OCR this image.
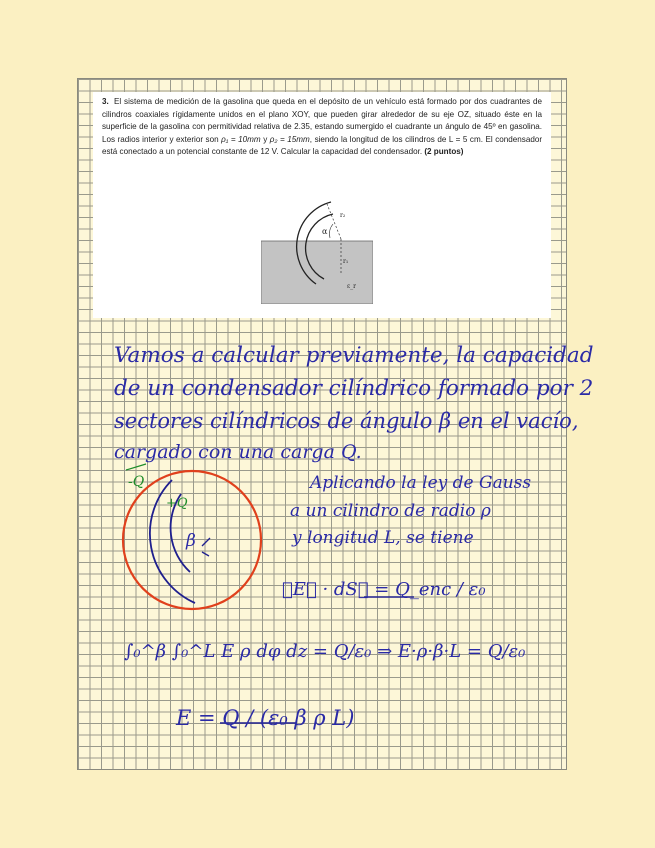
3. El sistema de medición de la gasolina que queda en el depósito de un vehículo está formado por dos cuadrantes de cilindros coaxiales rígidamente unidos en el plano XOY, que pueden girar alrededor de su eje OZ, situado éste en la superficie de la gasolina con permitividad relativa de 2.35, estando sumergido el cuadrante un ángulo de 45º en gasolina. Los radios interior y exterior son ρ₁ = 10mm y ρ₂ = 15mm, siendo la longitud de los cilindros de L = 5 cm. El condensador está conectado a un potencial constante de 12 V. Calcular la capacidad del condensador. (2 puntos)

α
r₂
r₁
ε_r
Vamos a calcular previamente, la capacidad
de un condensador cilíndrico formado por 2
sectores cilíndricos de ángulo β en el vacío,
cargado con una carga Q.
-Q
+Q
β
Aplicando la ley de Gauss
a un cilindro de radio ρ
y longitud L, se tiene
∮E⃗ · dS⃗ = Q_enc / ε₀
∫₀^β ∫₀^L E ρ dφ dz = Q/ε₀ ⇒ E·ρ·β·L = Q/ε₀
E = Q / (ε₀ β ρ L)
